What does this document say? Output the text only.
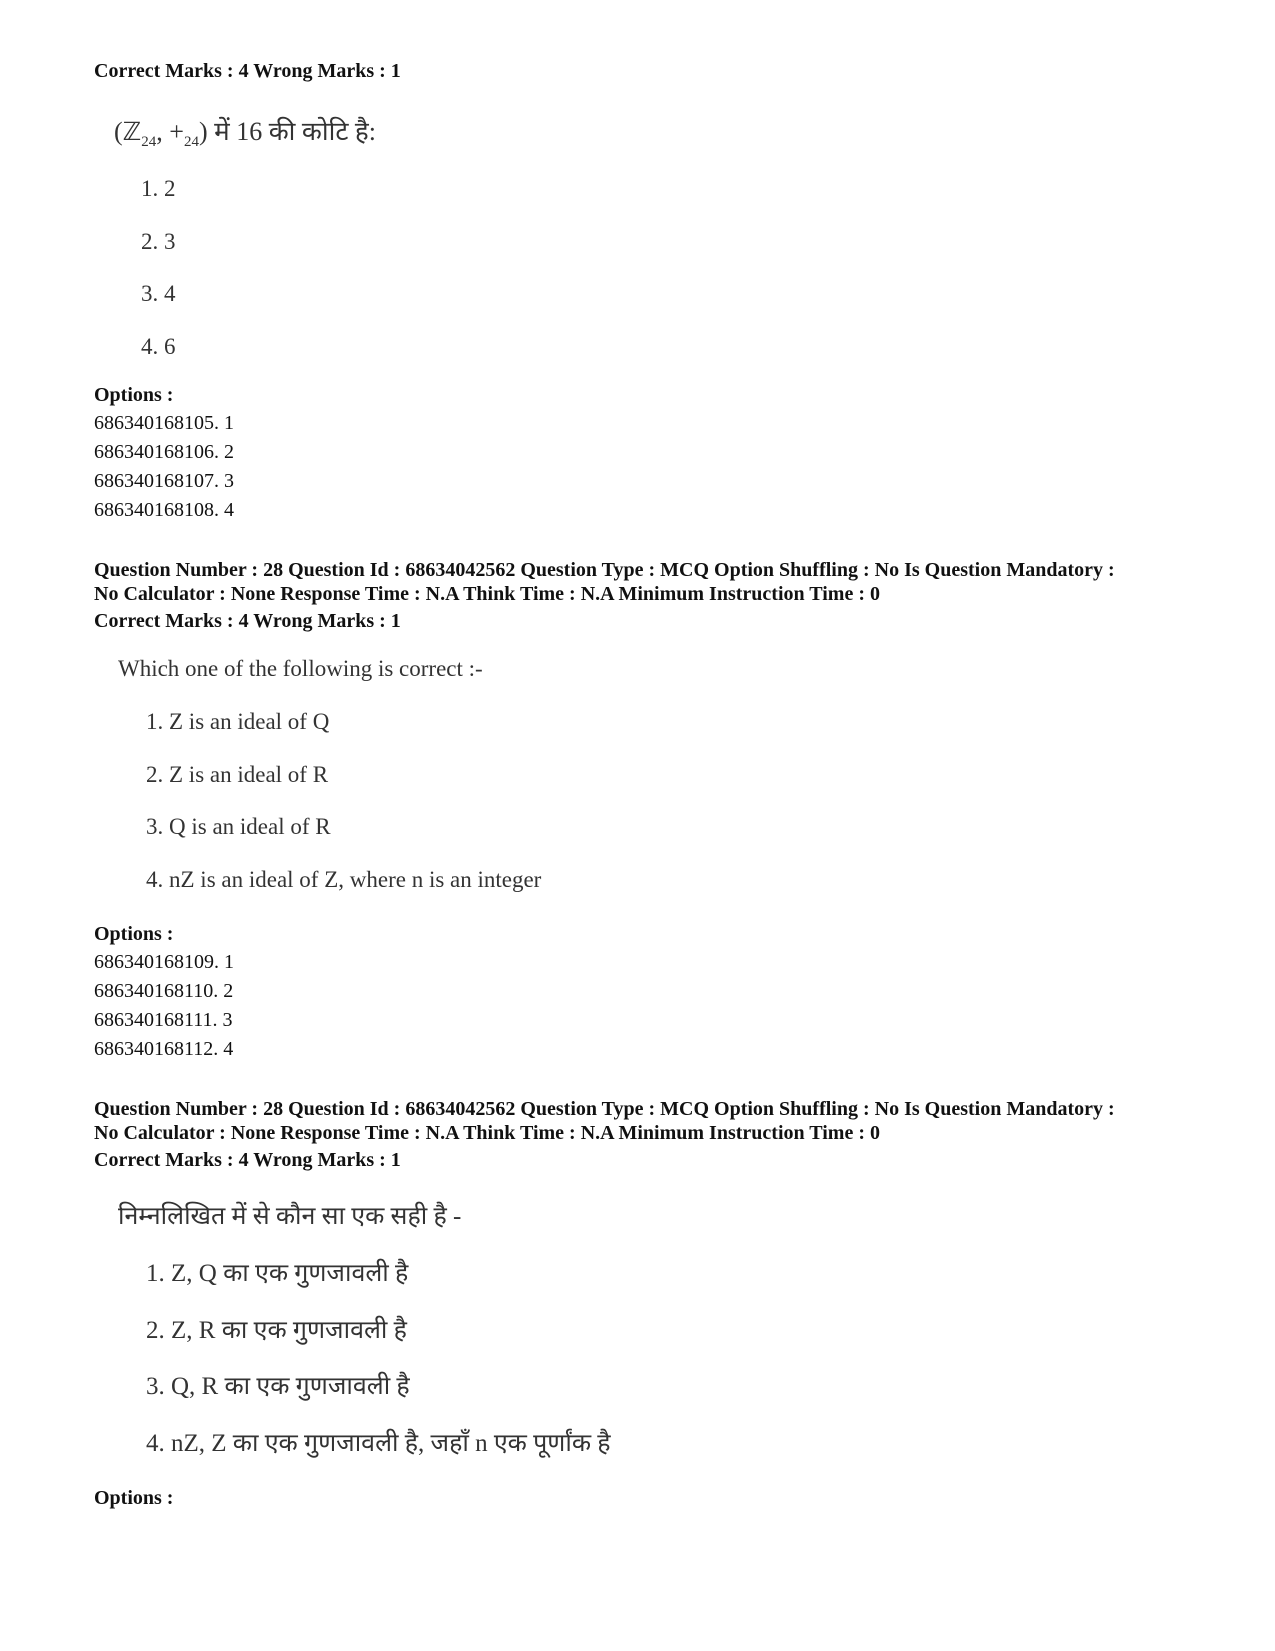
Correct Marks : 4 Wrong Marks : 1
(ℤ$_{24}$, $+_{24}$) में 16 की कोटि है:
1. 2
2. 3
3. 4
4. 6
Options :
686340168105. 1
686340168106. 2
686340168107. 3
686340168108. 4
Question Number : 28 Question Id : 68634042562 Question Type : MCQ Option Shuffling : No Is Question Mandatory :
No Calculator : None Response Time : N.A Think Time : N.A Minimum Instruction Time : 0
Correct Marks : 4 Wrong Marks : 1
Which one of the following is correct :-
1. Z is an ideal of Q
2. Z is an ideal of R
3. Q is an ideal of R
4. nZ is an ideal of Z, where n is an integer
Options :
686340168109. 1
686340168110. 2
686340168111. 3
686340168112. 4
Question Number : 28 Question Id : 68634042562 Question Type : MCQ Option Shuffling : No Is Question Mandatory :
No Calculator : None Response Time : N.A Think Time : N.A Minimum Instruction Time : 0
Correct Marks : 4 Wrong Marks : 1
निम्नलिखित में से कौन सा एक सही है -
1. Z, Q का एक गुणजावली है
2. Z, R का एक गुणजावली है
3. Q, R का एक गुणजावली है
4. nZ, Z का एक गुणजावली है, जहाँ n एक पूर्णांक है
Options :
